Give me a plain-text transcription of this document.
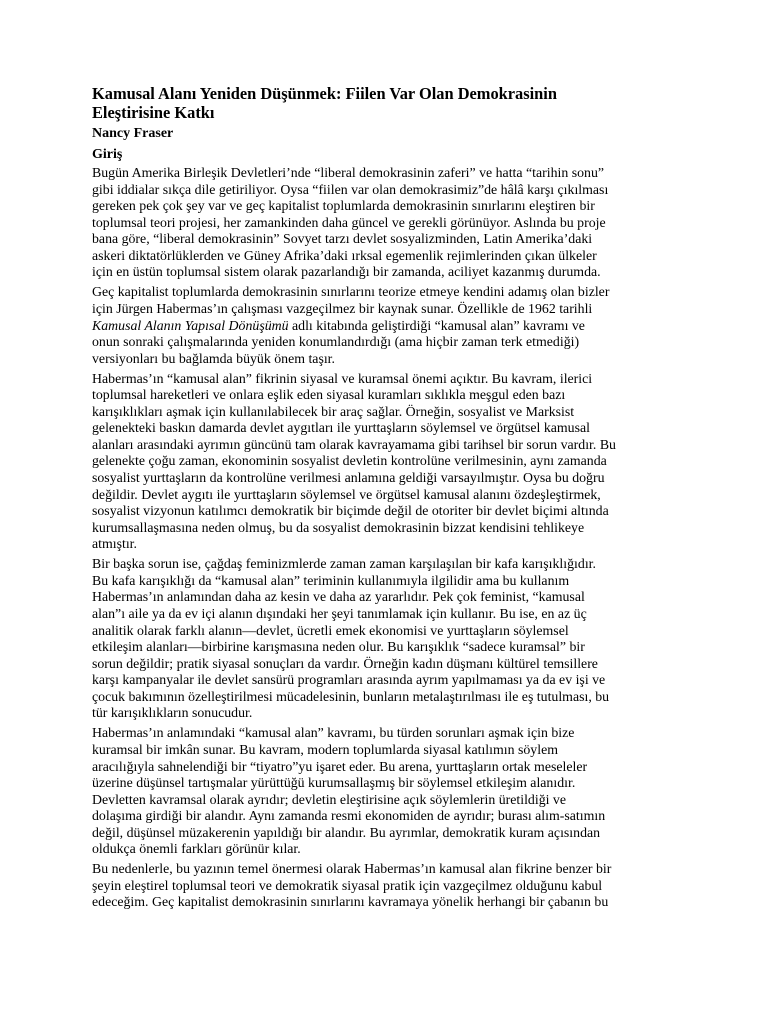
Kamusal Alanı Yeniden Düşünmek: Fiilen Var Olan Demokrasinin
Eleştirisine Katkı
Nancy Fraser
Giriş

Bugün Amerika Birleşik Devletleri’nde “liberal demokrasinin zaferi” ve hatta “tarihin sonu”
gibi iddialar sıkça dile getiriliyor. Oysa “fiilen var olan demokrasimiz”de hâlâ karşı çıkılması
gereken pek çok şey var ve geç kapitalist toplumlarda demokrasinin sınırlarını eleştiren bir
toplumsal teori projesi, her zamankinden daha güncel ve gerekli görünüyor. Aslında bu proje
bana göre, “liberal demokrasinin” Sovyet tarzı devlet sosyalizminden, Latin Amerika’daki
askeri diktatörlüklerden ve Güney Afrika’daki ırksal egemenlik rejimlerinden çıkan ülkeler
için en üstün toplumsal sistem olarak pazarlandığı bir zamanda, aciliyet kazanmış durumda.

Geç kapitalist toplumlarda demokrasinin sınırlarını teorize etmeye kendini adamış olan bizler
için Jürgen Habermas’ın çalışması vazgeçilmez bir kaynak sunar. Özellikle de 1962 tarihli
Kamusal Alanın Yapısal Dönüşümü adlı kitabında geliştirdiği “kamusal alan” kavramı ve
onun sonraki çalışmalarında yeniden konumlandırdığı (ama hiçbir zaman terk etmediği)
versiyonları bu bağlamda büyük önem taşır.

Habermas’ın “kamusal alan” fikrinin siyasal ve kuramsal önemi açıktır. Bu kavram, ilerici
toplumsal hareketleri ve onlara eşlik eden siyasal kuramları sıklıkla meşgul eden bazı
karışıklıkları aşmak için kullanılabilecek bir araç sağlar. Örneğin, sosyalist ve Marksist
gelenekteki baskın damarda devlet aygıtları ile yurttaşların söylemsel ve örgütsel kamusal
alanları arasındaki ayrımın güncünü tam olarak kavrayamama gibi tarihsel bir sorun vardır. Bu
gelenekte çoğu zaman, ekonominin sosyalist devletin kontrolüne verilmesinin, aynı zamanda
sosyalist yurttaşların da kontrolüne verilmesi anlamına geldiği varsayılmıştır. Oysa bu doğru
değildir. Devlet aygıtı ile yurttaşların söylemsel ve örgütsel kamusal alanını özdeşleştirmek,
sosyalist vizyonun katılımcı demokratik bir biçimde değil de otoriter bir devlet biçimi altında
kurumsallaşmasına neden olmuş, bu da sosyalist demokrasinin bizzat kendisini tehlikeye
atmıştır.

Bir başka sorun ise, çağdaş feminizmlerde zaman zaman karşılaşılan bir kafa karışıklığıdır.
Bu kafa karışıklığı da “kamusal alan” teriminin kullanımıyla ilgilidir ama bu kullanım
Habermas’ın anlamından daha az kesin ve daha az yararlıdır. Pek çok feminist, “kamusal
alan”ı aile ya da ev içi alanın dışındaki her şeyi tanımlamak için kullanır. Bu ise, en az üç
analitik olarak farklı alanın—devlet, ücretli emek ekonomisi ve yurttaşların söylemsel
etkileşim alanları—birbirine karışmasına neden olur. Bu karışıklık “sadece kuramsal” bir
sorun değildir; pratik siyasal sonuçları da vardır. Örneğin kadın düşmanı kültürel temsillere
karşı kampanyalar ile devlet sansürü programları arasında ayrım yapılmaması ya da ev işi ve
çocuk bakımının özelleştirilmesi mücadelesinin, bunların metalaştırılması ile eş tutulması, bu
tür karışıklıkların sonucudur.

Habermas’ın anlamındaki “kamusal alan” kavramı, bu türden sorunları aşmak için bize
kuramsal bir imkân sunar. Bu kavram, modern toplumlarda siyasal katılımın söylem
aracılığıyla sahnelendiği bir “tiyatro”yu işaret eder. Bu arena, yurttaşların ortak meseleler
üzerine düşünsel tartışmalar yürüttüğü kurumsallaşmış bir söylemsel etkileşim alanıdır.
Devletten kavramsal olarak ayrıdır; devletin eleştirisine açık söylemlerin üretildiği ve
dolaşıma girdiği bir alandır. Aynı zamanda resmi ekonomiden de ayrıdır; burası alım-satımın
değil, düşünsel müzakerenin yapıldığı bir alandır. Bu ayrımlar, demokratik kuram açısından
oldukça önemli farkları görünür kılar.

Bu nedenlerle, bu yazının temel önermesi olarak Habermas’ın kamusal alan fikrine benzer bir
şeyin eleştirel toplumsal teori ve demokratik siyasal pratik için vazgeçilmez olduğunu kabul
edeceğim. Geç kapitalist demokrasinin sınırlarını kavramaya yönelik herhangi bir çabanın bu
